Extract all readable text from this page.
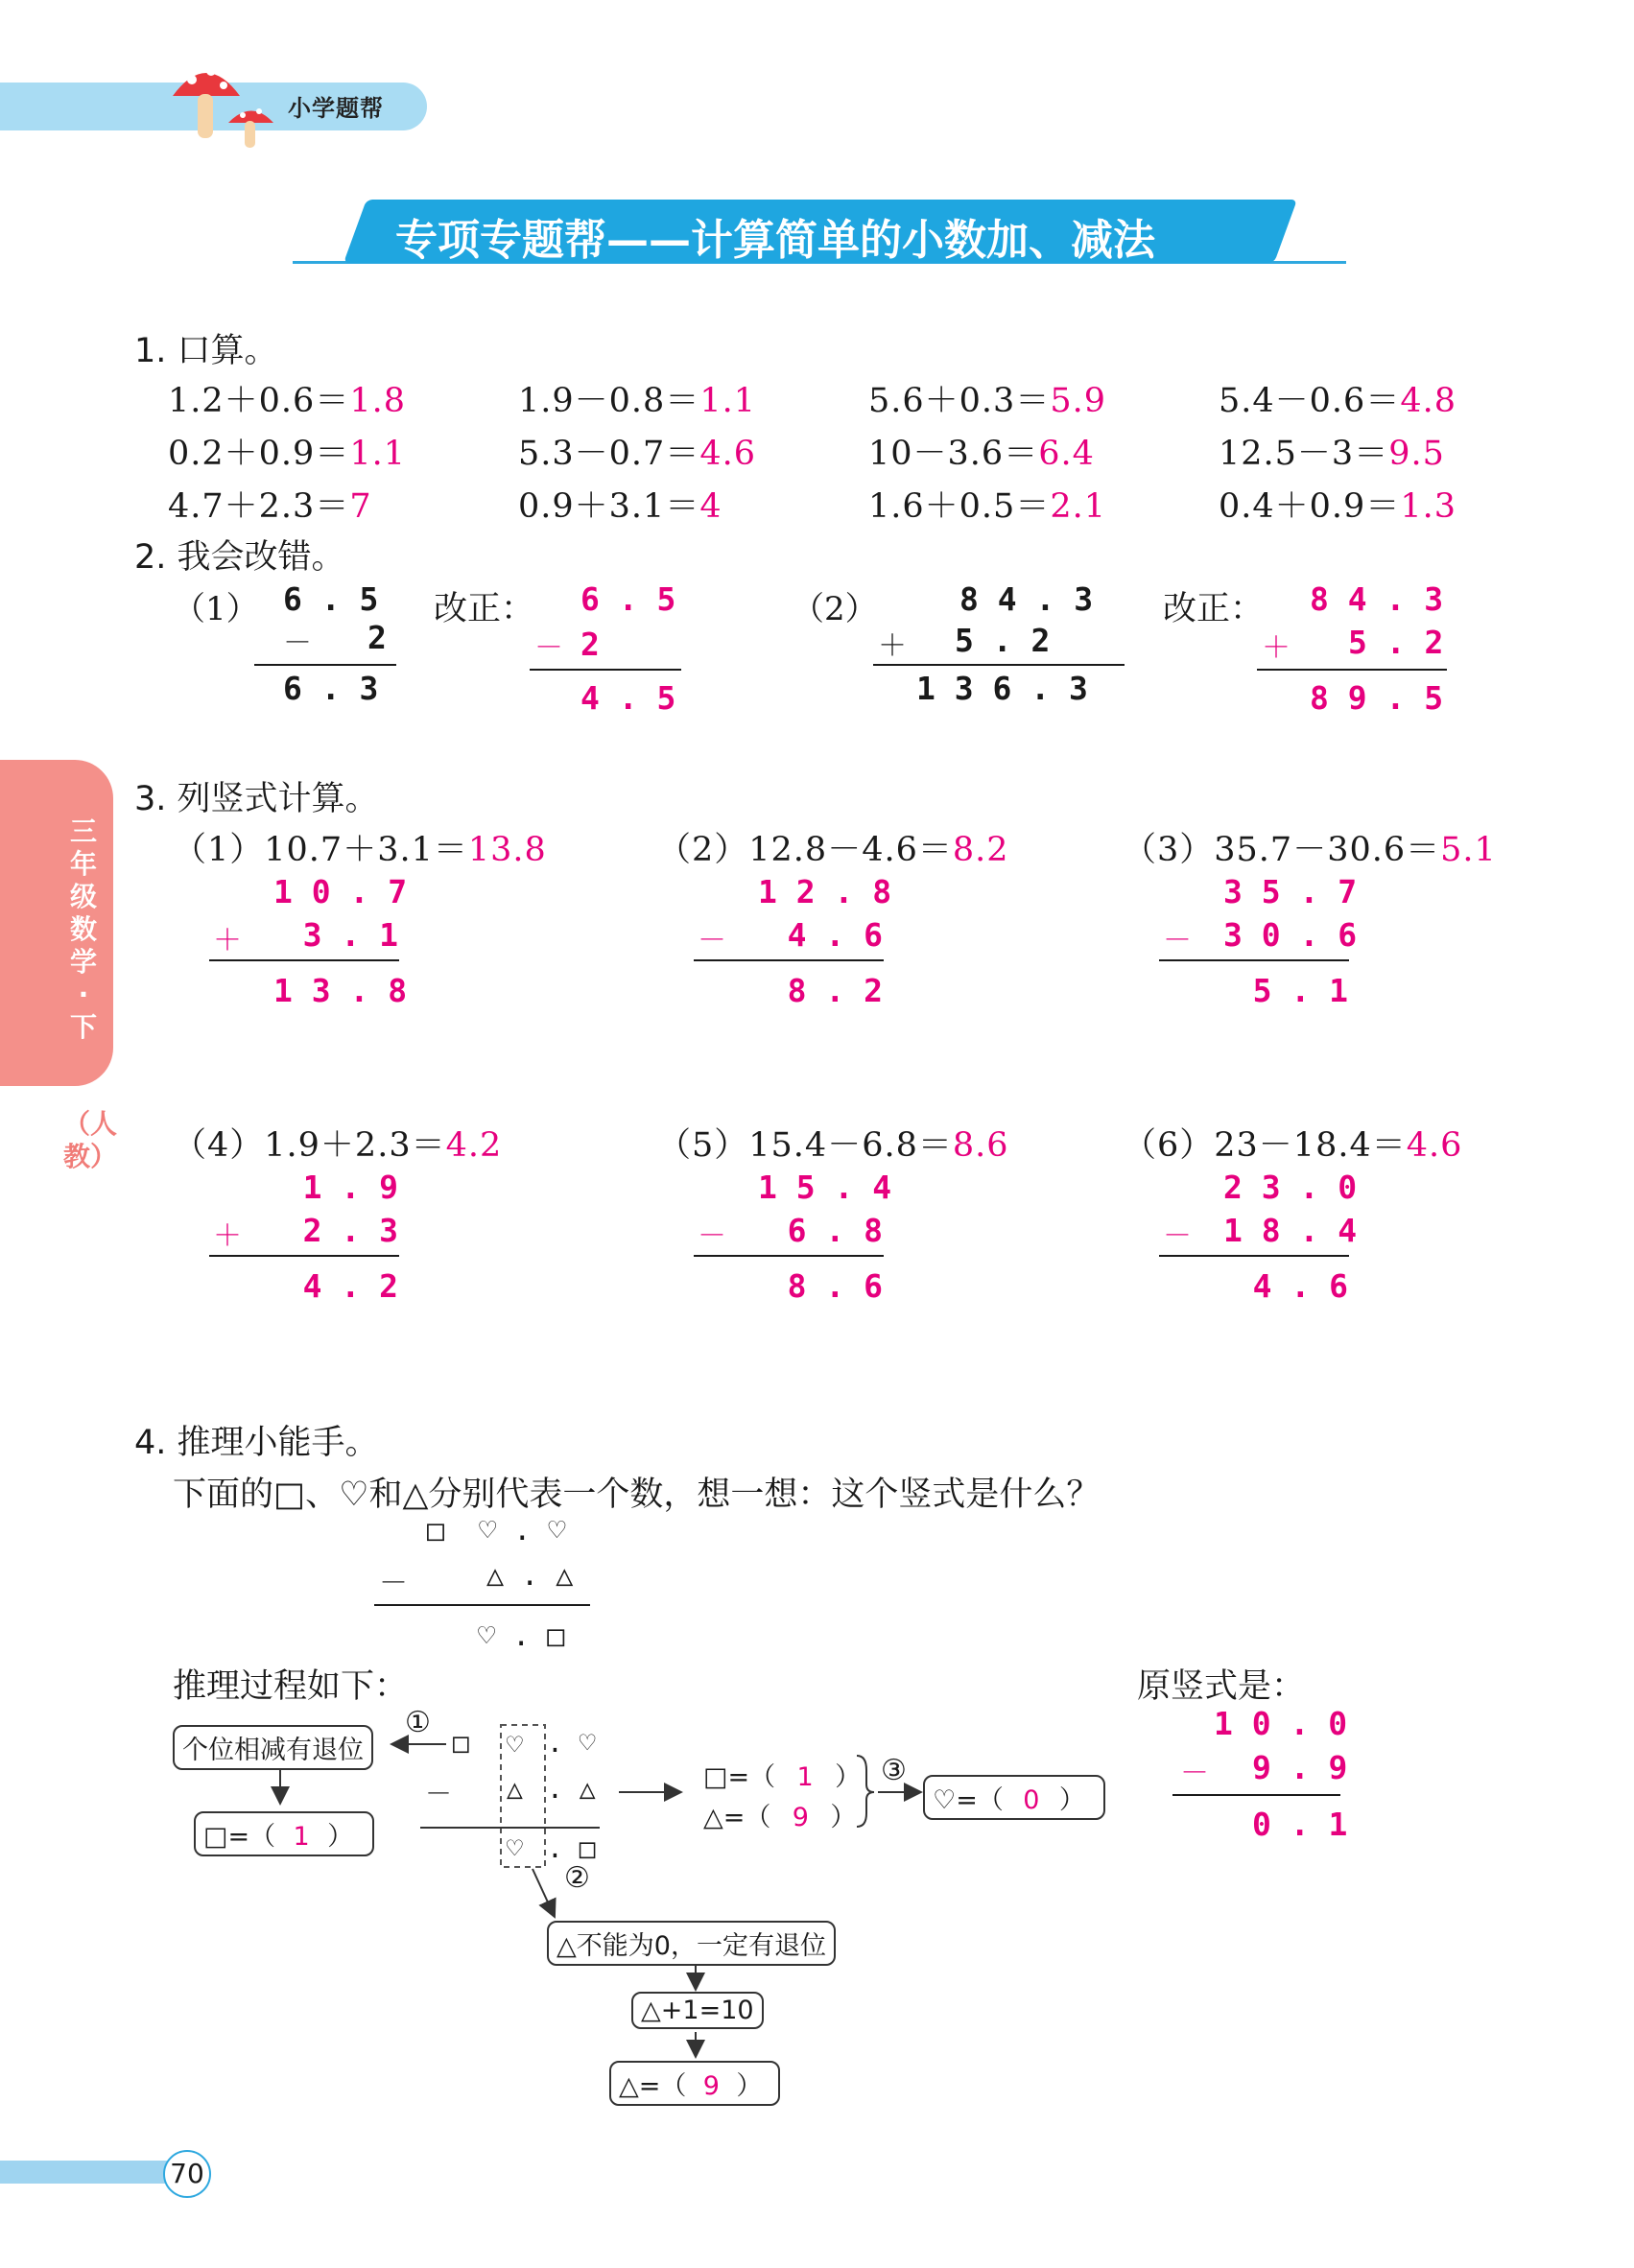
小学题帮
专项专题帮——计算简单的小数加、减法
三年级数学·下
（人教）
1. 口算。
1.2＋0.6＝1.8	1.9－0.8＝1.1	5.6＋0.3＝5.9	5.4－0.6＝4.8
0.2＋0.9＝1.1	5.3－0.7＝4.6	10－3.6＝6.4	12.5－3＝9.5
4.7＋2.3＝7	0.9＋3.1＝4	1.6＋0.5＝2.1	0.4＋0.9＝1.3
2. 我会改错。
（1） 6 . 5
－ 2
6 . 3
改正： 6 . 5
－ 2
4 . 5
（2）	8 4 . 3
＋ 5 . 2
1 3 6 . 3
改正： 8 4 . 3
＋ 5 . 2
8 9 . 5
3. 列竖式计算。
（1）10.7＋3.1＝13.8
1 0 . 7
＋	3 . 1
1 3 . 8
（2）12.8－4.6＝8.2
1 2 . 8
－	4 . 6
8 . 2
（3）35.7－30.6＝5.1
3 5 . 7
－ 3 0 . 6
5 . 1
（4）1.9＋2.3＝4.2
1 . 9
＋	2 . 3
4 . 2
（5）15.4－6.8＝8.6
1 5 . 4
－	6 . 8
8 . 6
（6）23－18.4＝4.6
2 3 . 0
－ 1 8 . 4
4 . 6
4. 推理小能手。
下面的□、♡和△分别代表一个数，想一想：这个竖式是什么？
□  ♡ . ♡
－	△ . △
♡ . □
推理过程如下：	原竖式是：
1 0 . 0
－ 9 . 9
0 . 1
个位相减有退位
①
□=（ 1 ）
□ ♡ . ♡
－ △ . △
♡ . □
□=（ 1 ）
△=（ 9 ）
③
♡=（ 0 ）
②
△不能为0，一定有退位
△+1=10
△=（ 9 ）
70
